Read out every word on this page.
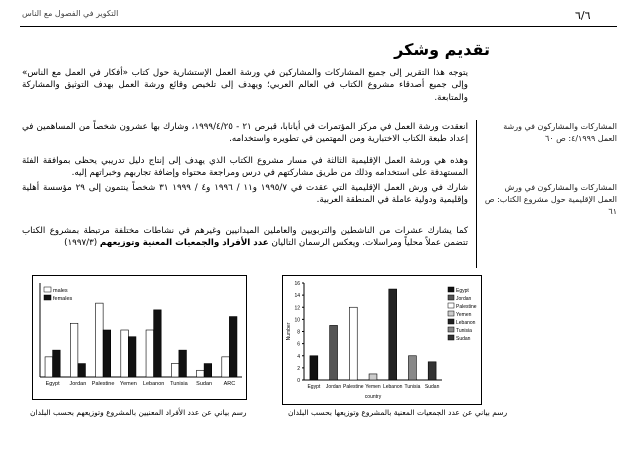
٦/٦
التكوير في الفصول مع الناس
تقديم وشكر

يتوجه هذا التقرير إلى جميع المشاركات والمشاركين في ورشة العمل الإستشارية حول كتاب «أفكار في العمل مع الناس» وإلى جميع أصدقاء مشروع الكتاب في العالم العربي؛ ويهدف إلى تلخيص وقائع ورشة العمل بهدف التوثيق والمشاركة والمتابعة.

انعقدت ورشة العمل في مركز المؤتمرات في أيانابا، قبرص ٢١ - ١٩٩٩/٤/٢٥، وشارك بها عشرون شخصاً من المساهمين في إعداد طبعة الكتاب الاختبارية ومن المهتمين في تطويره واستخدامه.

وهذه هي ورشة العمل الإقليمية الثالثة في مسار مشروع الكتاب الذي يهدف إلى إنتاج دليل تدريبي يحظى بموافقة الفئة المستهدفة على استخدامه وذلك من طريق مشاركتهم في درس ومراجعة محتواه وإضافة تجاربهم وخبراتهم إليه.

شارك في ورش العمل الإقليمية التي عقدت في ١٩٩٥/٧ و١١ / ١٩٩٦ و٤ / ١٩٩٩ ٣١ شخصاً ينتمون إلى ٢٩ مؤسسة أهلية وإقليمية ودولية عاملة في المنطقة العربية.

كما يشارك عشرات من الناشطين والتربويين والعاملين الميدانيين وغيرهم في نشاطات مختلفة مرتبطة بمشروع الكتاب تتضمن عملاً محلياً ومراسلات. ويعكس الرسمان التاليان عدد الأفراد والجمعيات المعنية وتوزيعهم (١٩٩٧/٣)

المشاركات والمشاركون في ورشة العمل ٤/١٩٩٩: ص ٦٠
المشاركات والمشاركون في ورش العمل الإقليمية حول مشروع الكتاب: ص ٦١
Egypt Jordan Palestine Yemen Lebanon Tunisia Sudan ARC
males
females
0
2
4
6
8
10
12
14
16
Number
Egypt Jordan Palestine Yemen Lebanon Tunisia Sudan
country
Egypt
Jordan
Palestine
Yemen
Lebanon
Tunisia
Sudan
رسم بياني عن عدد الأفراد المعنيين بالمشروع وتوزيعهم بحسب البلدان	رسم بياني عن عدد الجمعيات المعنية بالمشروع وتوزيعها بحسب البلدان
